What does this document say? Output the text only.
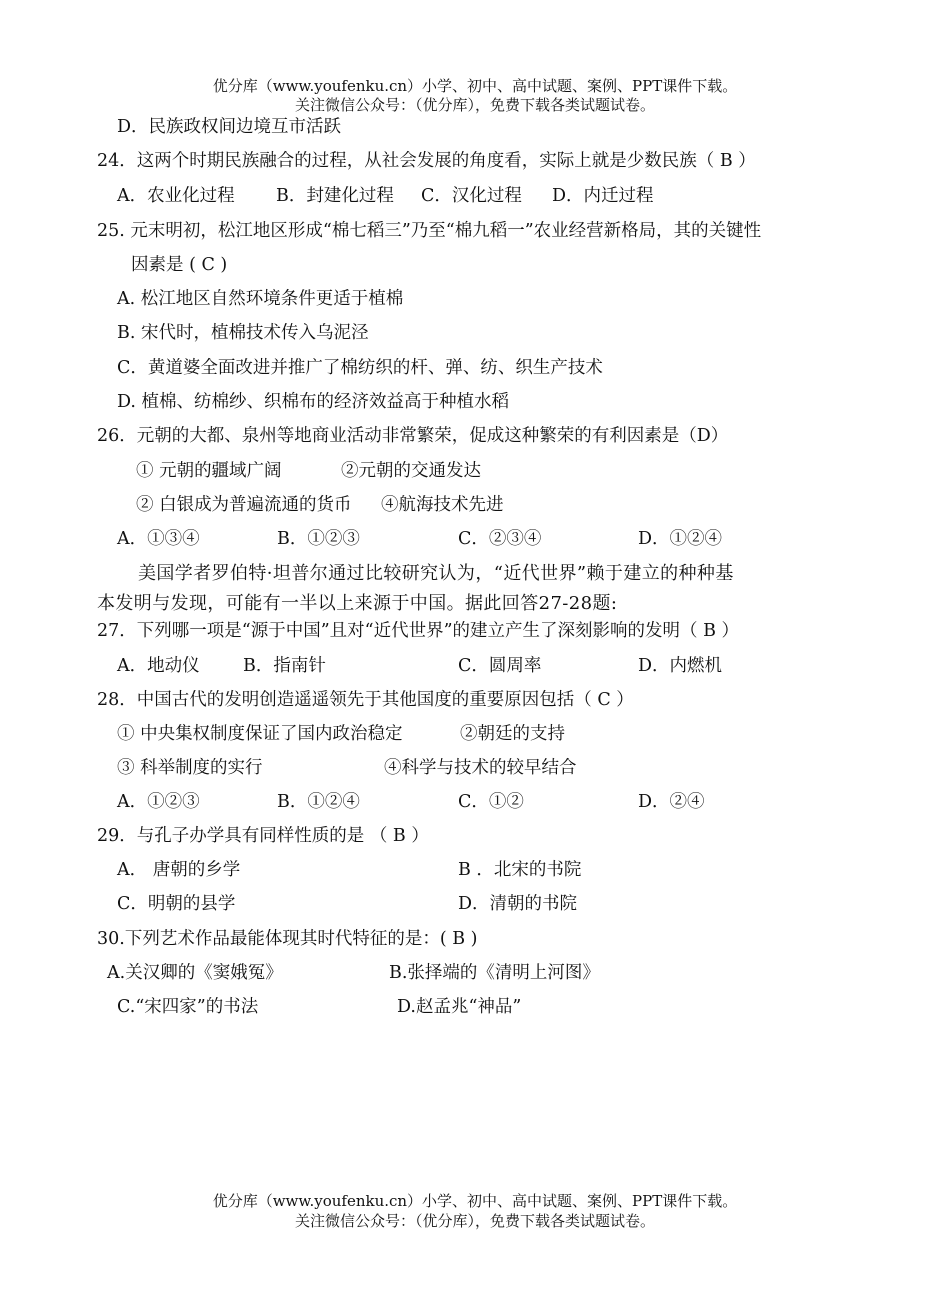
优分库（www.youfenku.cn）小学、初中、高中试题、案例、PPT课件下载。
关注微信公众号：（优分库），免费下载各类试题试卷。
D．民族政权间边境互市活跃
24．这两个时期民族融合的过程，从社会发展的角度看，实际上就是少数民族（ B ）
A．农业化过程 B．封建化过程 C．汉化过程 D．内迁过程
25. 元末明初，松江地区形成“棉七稻三”乃至“棉九稻一”农业经营新格局，其的关键性
因素是 ( C )
A. 松江地区自然环境条件更适于植棉
B. 宋代时，植棉技术传入乌泥泾
C．黄道婆全面改进并推广了棉纺织的杆、弹、纺、织生产技术
D. 植棉、纺棉纱、织棉布的经济效益高于种植水稻
26．元朝的大都、泉州等地商业活动非常繁荣，促成这种繁荣的有利因素是（D）
① 元朝的疆域广阔	②元朝的交通发达
② 白银成为普遍流通的货币 ④航海技术先进
A．①③④	B．①②③	C．②③④	D．①②④
美国学者罗伯特·坦普尔通过比较研究认为，“近代世界”赖于建立的种种基
本发明与发现，可能有一半以上来源于中国。据此回答27-28题:
27．下列哪一项是“源于中国”且对“近代世界”的建立产生了深刻影响的发明（ B ）
A．地动仪 B．指南针	C．圆周率	D．内燃机
28．中国古代的发明创造遥遥领先于其他国度的重要原因包括（ C ）
① 中央集权制度保证了国内政治稳定	②朝廷的支持
③ 科举制度的实行	④科学与技术的较早结合
A．①②③	B．①②④	C．①②	D．②④
29．与孔子办学具有同样性质的是 （ B ）
A． 唐朝的乡学	B ．北宋的书院
C．明朝的县学	D．清朝的书院
30.下列艺术作品最能体现其时代特征的是：( B )
A.关汉卿的《窦娥冤》	B.张择端的《清明上河图》
C.“宋四家”的书法	D.赵孟兆“神品”
优分库（www.youfenku.cn）小学、初中、高中试题、案例、PPT课件下载。
关注微信公众号：（优分库），免费下载各类试题试卷。
